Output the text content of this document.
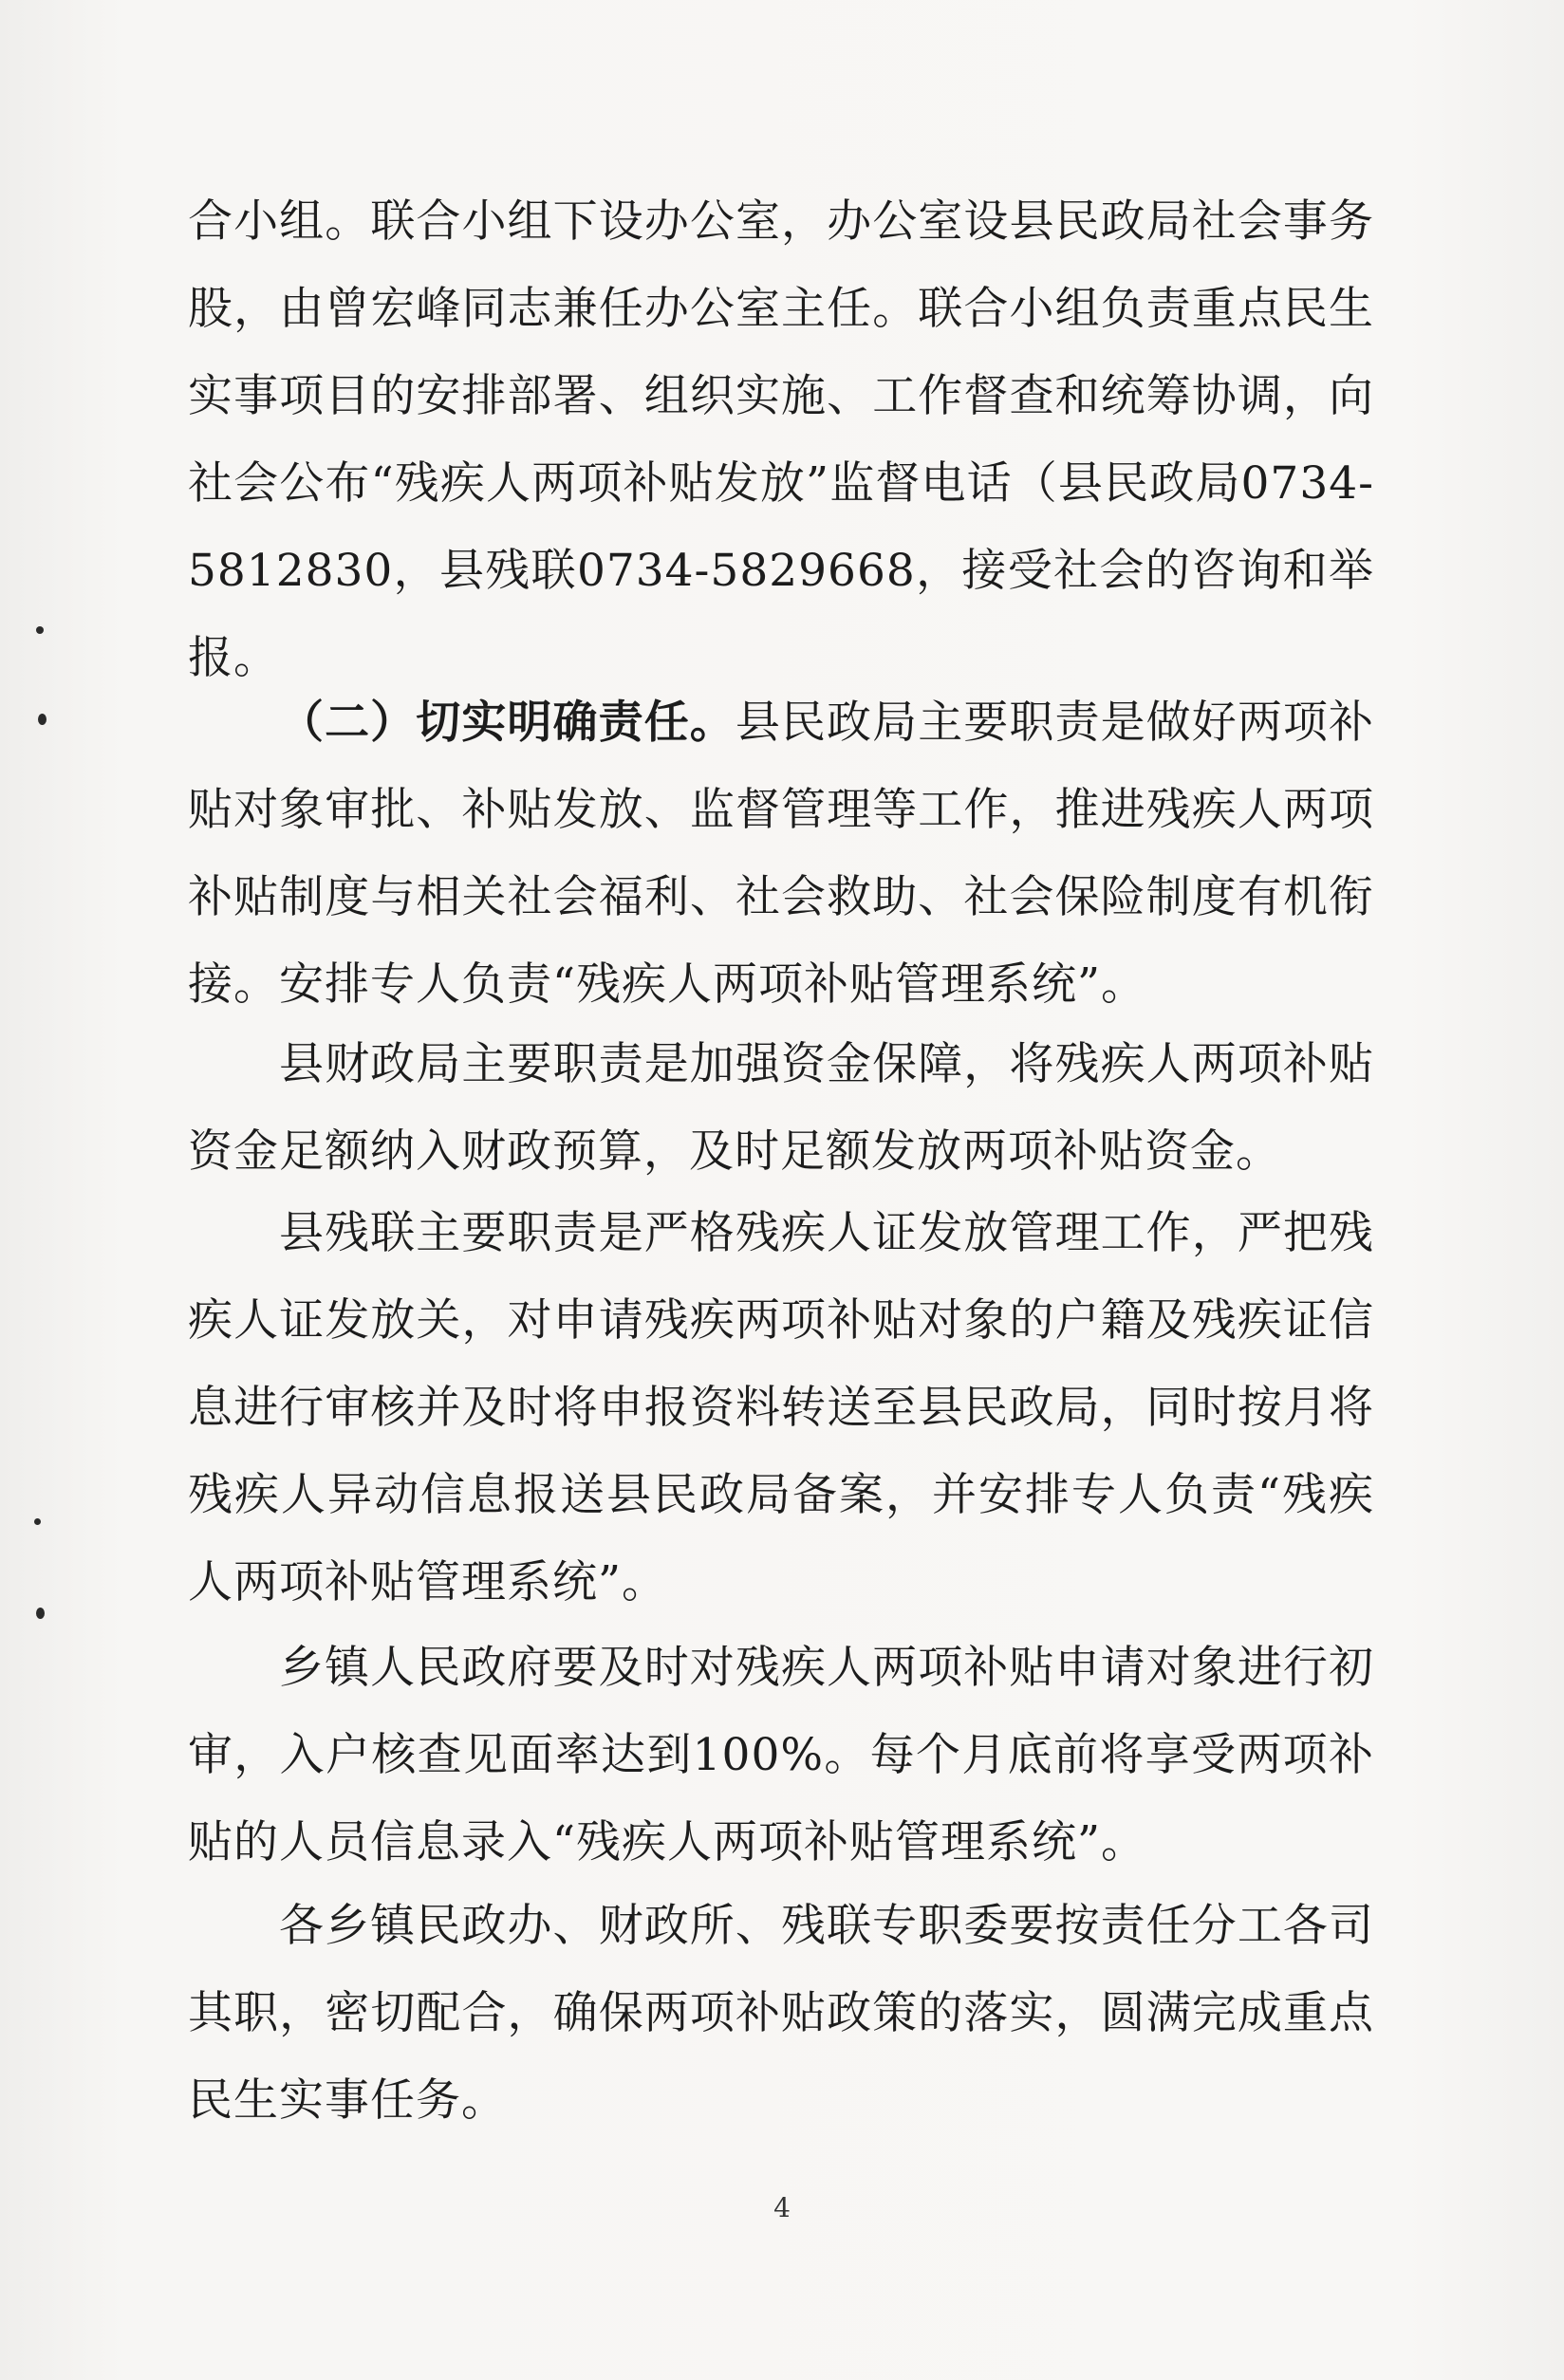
合小组。联合小组下设办公室，办公室设县民政局社会事务股，由曾宏峰同志兼任办公室主任。联合小组负责重点民生实事项目的安排部署、组织实施、工作督查和统筹协调，向社会公布“残疾人两项补贴发放”监督电话（县民政局0734-5812830，县残联0734-5829668，接受社会的咨询和举报。

（二）切实明确责任。县民政局主要职责是做好两项补贴对象审批、补贴发放、监督管理等工作，推进残疾人两项补贴制度与相关社会福利、社会救助、社会保险制度有机衔接。安排专人负责“残疾人两项补贴管理系统”。

县财政局主要职责是加强资金保障，将残疾人两项补贴资金足额纳入财政预算，及时足额发放两项补贴资金。

县残联主要职责是严格残疾人证发放管理工作，严把残疾人证发放关，对申请残疾两项补贴对象的户籍及残疾证信息进行审核并及时将申报资料转送至县民政局，同时按月将残疾人异动信息报送县民政局备案，并安排专人负责“残疾人两项补贴管理系统”。

乡镇人民政府要及时对残疾人两项补贴申请对象进行初审，入户核查见面率达到100%。每个月底前将享受两项补贴的人员信息录入“残疾人两项补贴管理系统”。

各乡镇民政办、财政所、残联专职委要按责任分工各司其职，密切配合，确保两项补贴政策的落实，圆满完成重点民生实事任务。

4
